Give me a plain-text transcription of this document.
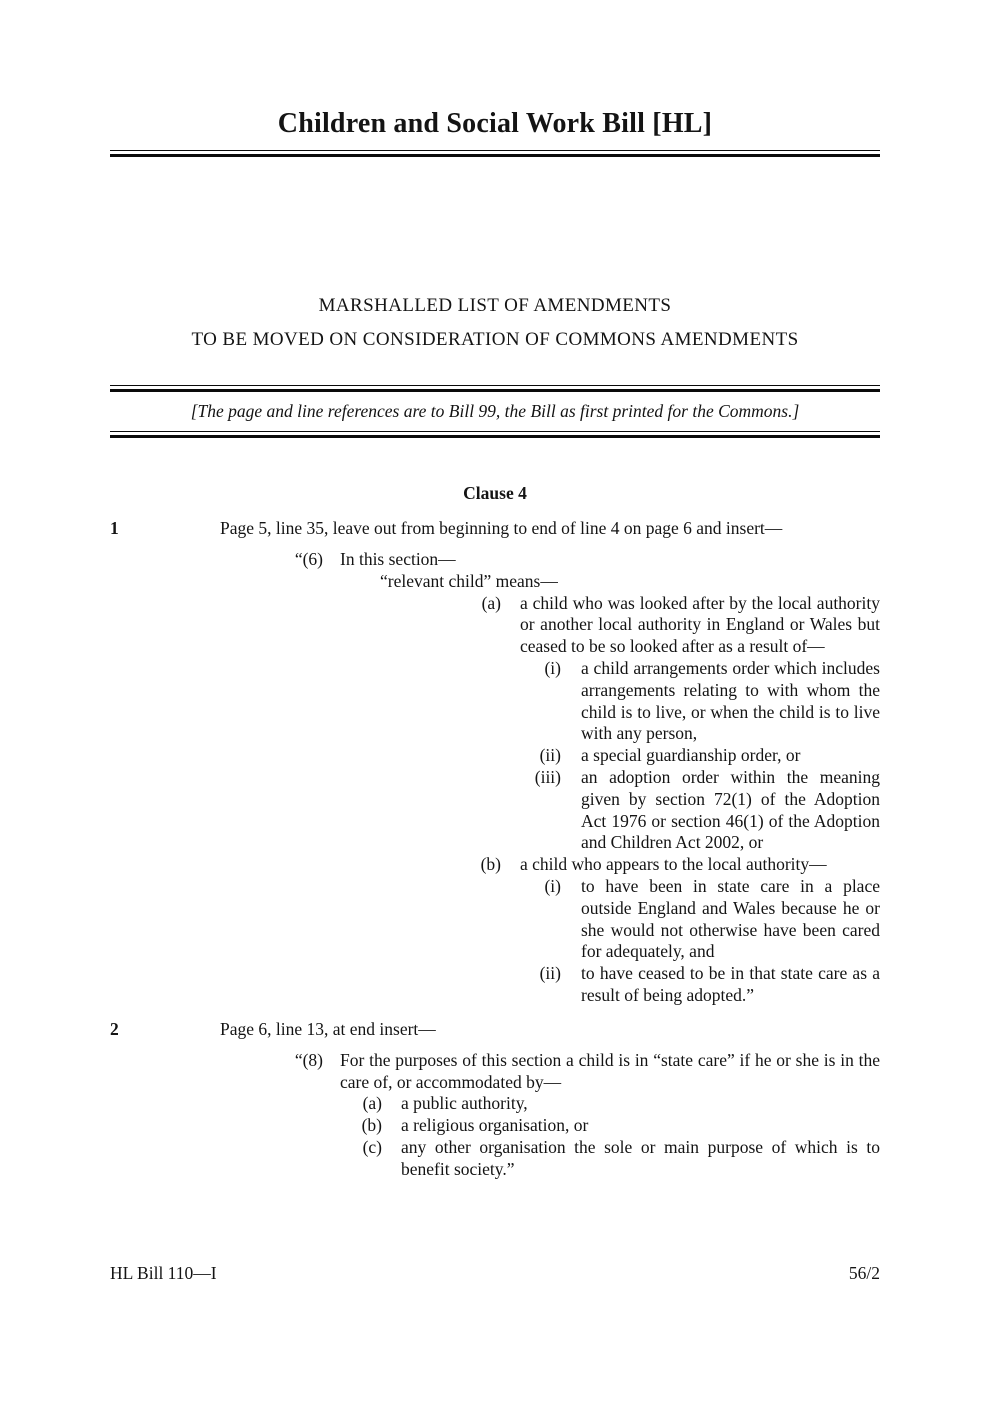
Children and Social Work Bill [HL]
MARSHALLED LIST OF AMENDMENTS
TO BE MOVED ON CONSIDERATION OF COMMONS AMENDMENTS
[The page and line references are to Bill 99, the Bill as first printed for the Commons.]
Clause 4
1	Page 5, line 35, leave out from beginning to end of line 4 on page 6 and insert—

“(6) In this section—
“relevant child” means—
(a) a child who was looked after by the local authority or another local authority in England or Wales but ceased to be so looked after as a result of—
(i) a child arrangements order which includes arrangements relating to with whom the child is to live, or when the child is to live with any person,
(ii) a special guardianship order, or
(iii) an adoption order within the meaning given by section 72(1) of the Adoption Act 1976 or section 46(1) of the Adoption and Children Act 2002, or
(b) a child who appears to the local authority—
(i) to have been in state care in a place outside England and Wales because he or she would not otherwise have been cared for adequately, and
(ii) to have ceased to be in that state care as a result of being adopted.”
2	Page 6, line 13, at end insert—

“(8) For the purposes of this section a child is in “state care” if he or she is in the care of, or accommodated by—
(a) a public authority,
(b) a religious organisation, or
(c) any other organisation the sole or main purpose of which is to benefit society.”
HL Bill 110—I	56/2
